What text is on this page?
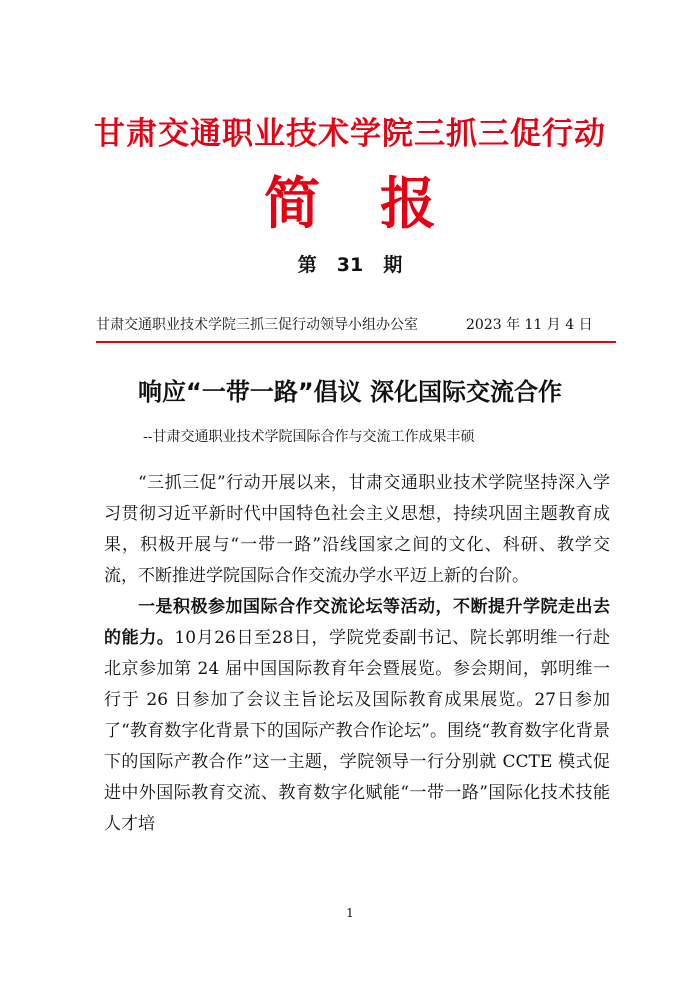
甘肃交通职业技术学院三抓三促行动
简 报
第 31 期
甘肃交通职业技术学院三抓三促行动领导小组办公室	2023 年 11 月 4 日
响应“一带一路”倡议 深化国际交流合作
--甘肃交通职业技术学院国际合作与交流工作成果丰硕

“三抓三促”行动开展以来，甘肃交通职业技术学院坚持深入学习贯彻习近平新时代中国特色社会主义思想，持续巩固主题教育成果，积极开展与“一带一路”沿线国家之间的文化、科研、教学交流，不断推进学院国际合作交流办学水平迈上新的台阶。

一是积极参加国际合作交流论坛等活动，不断提升学院走出去的能力。10月26日至28日，学院党委副书记、院长郭明维一行赴北京参加第 24 届中国国际教育年会暨展览。参会期间，郭明维一行于 26 日参加了会议主旨论坛及国际教育成果展览。27日参加了“教育数字化背景下的国际产教合作论坛”。围绕“教育数字化背景下的国际产教合作”这一主题，学院领导一行分别就 CCTE 模式促进中外国际教育交流、教育数字化赋能“一带一路”国际化技术技能人才培

1
